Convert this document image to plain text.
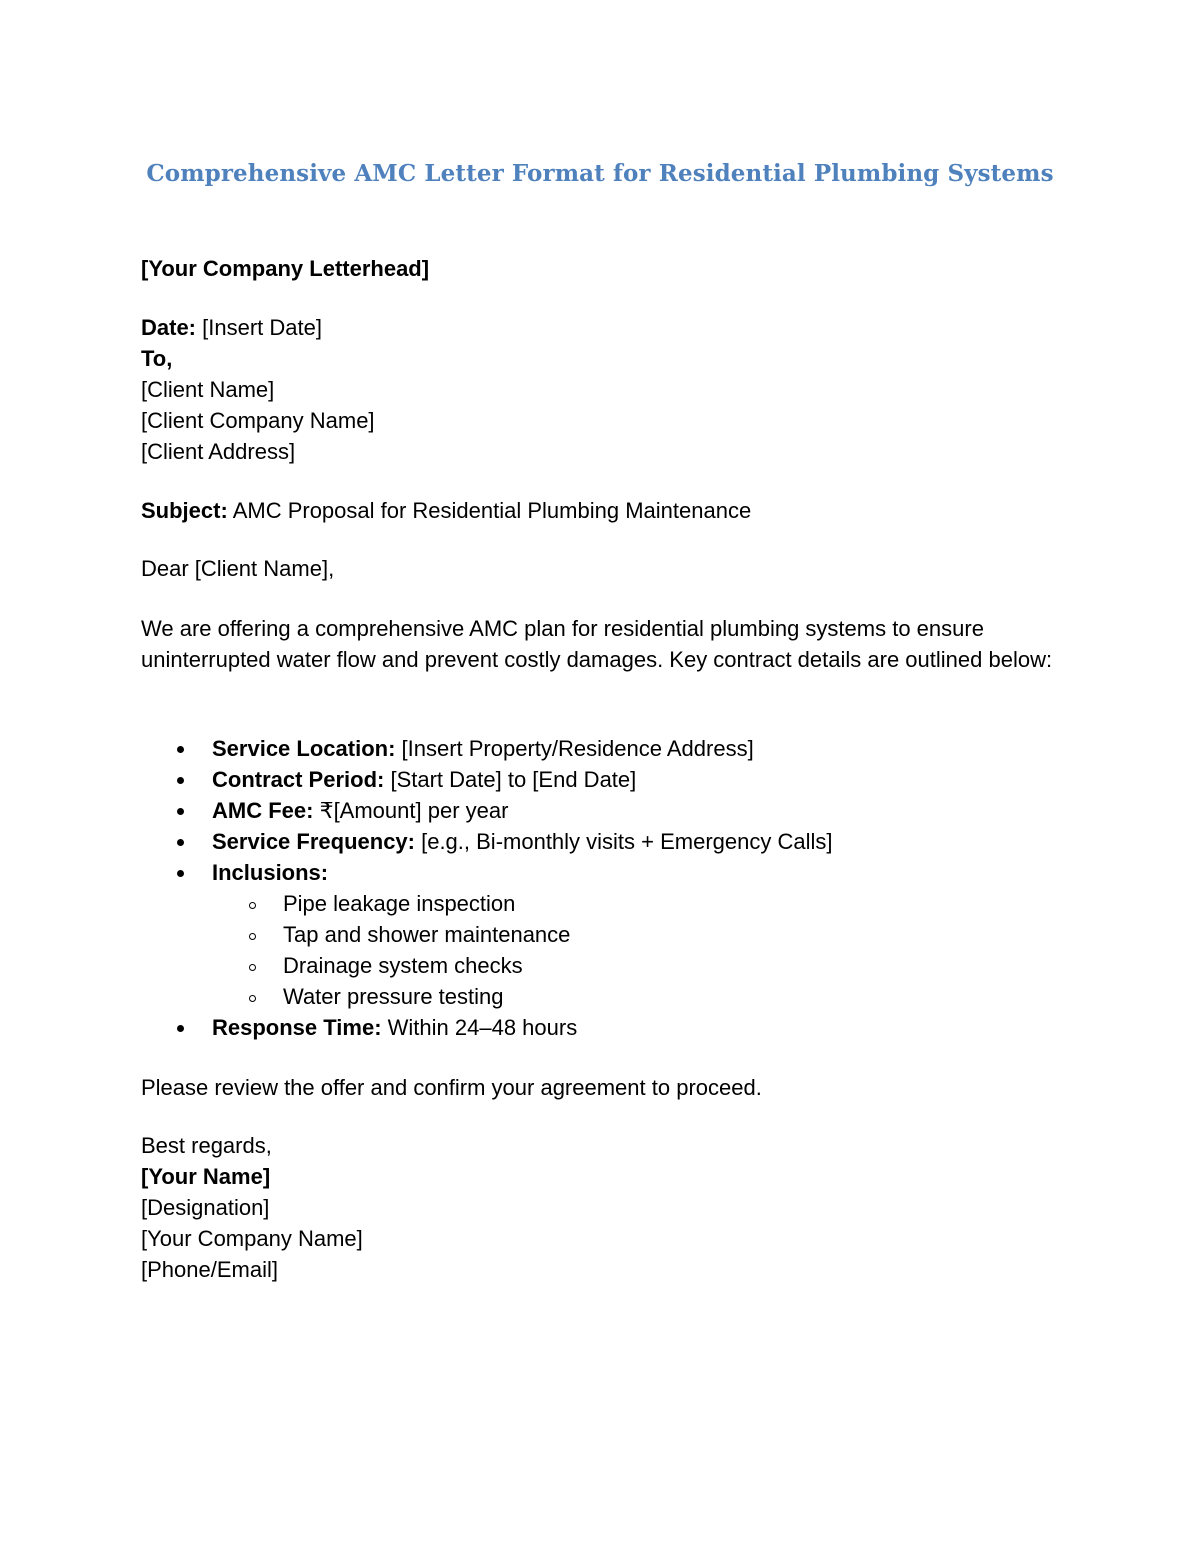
Comprehensive AMC Letter Format for Residential Plumbing Systems
[Your Company Letterhead]
Date: [Insert Date]
To,
[Client Name]
[Client Company Name]
[Client Address]
Subject: AMC Proposal for Residential Plumbing Maintenance
Dear [Client Name],
We are offering a comprehensive AMC plan for residential plumbing systems to ensure uninterrupted water flow and prevent costly damages. Key contract details are outlined below:
Service Location: [Insert Property/Residence Address]
Contract Period: [Start Date] to [End Date]
AMC Fee: ₹[Amount] per year
Service Frequency: [e.g., Bi-monthly visits + Emergency Calls]
Inclusions:
Pipe leakage inspection
Tap and shower maintenance
Drainage system checks
Water pressure testing
Response Time: Within 24–48 hours
Please review the offer and confirm your agreement to proceed.
Best regards,
[Your Name]
[Designation]
[Your Company Name]
[Phone/Email]
